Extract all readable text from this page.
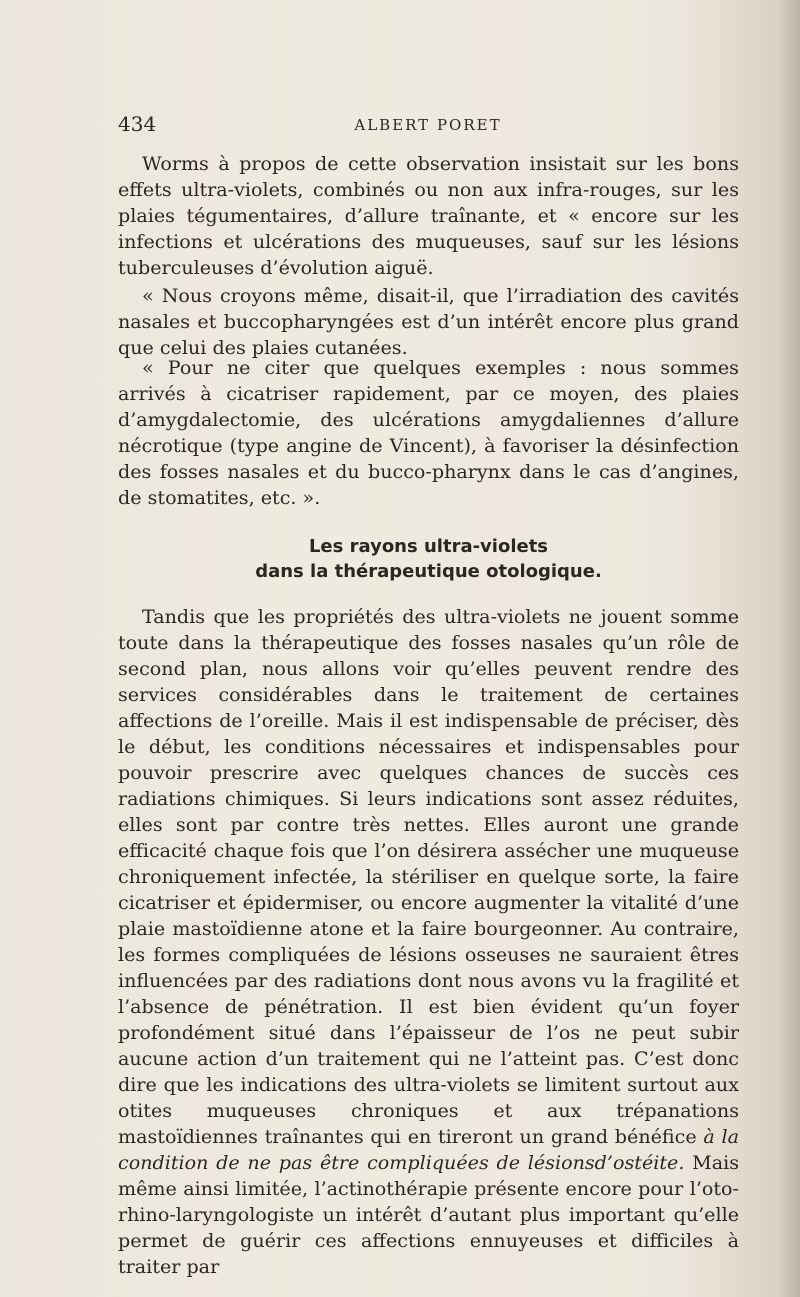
434	ALBERT PORET

Worms à propos de cette observation insistait sur les bons effets ultra-violets, combinés ou non aux infra-rouges, sur les plaies tégumentaires, d’allure traînante, et « encore sur les infections et ulcérations des muqueuses, sauf sur les lésions tuberculeuses d’évolution aiguë.

« Nous croyons même, disait-il, que l’irradiation des cavités nasales et buccopharyngées est d’un intérêt encore plus grand que celui des plaies cutanées.

« Pour ne citer que quelques exemples : nous sommes arrivés à cicatriser rapidement, par ce moyen, des plaies d’amygdalectomie, des ulcérations amygdaliennes d’allure nécrotique (type angine de Vincent), à favoriser la désinfection des fosses nasales et du bucco-pharynx dans le cas d’angines, de stomatites, etc. ».

Les rayons ultra-violets
dans la thérapeutique otologique.

Tandis que les propriétés des ultra-violets ne jouent somme toute dans la thérapeutique des fosses nasales qu’un rôle de second plan, nous allons voir qu’elles peuvent rendre des services considérables dans le traitement de certaines affections de l’oreille. Mais il est indispensable de préciser, dès le début, les conditions nécessaires et indispensables pour pouvoir prescrire avec quelques chances de succès ces radiations chimiques. Si leurs indications sont assez réduites, elles sont par contre très nettes. Elles auront une grande efficacité chaque fois que l’on désirera assécher une muqueuse chroniquement infectée, la stériliser en quelque sorte, la faire cicatriser et épidermiser, ou encore augmenter la vitalité d’une plaie mastoïdienne atone et la faire bourgeonner. Au contraire, les formes compliquées de lésions osseuses ne sauraient êtres influencées par des radiations dont nous avons vu la fragilité et l’absence de pénétration. Il est bien évident qu’un foyer profondément situé dans l’épaisseur de l’os ne peut subir aucune action d’un traitement qui ne l’atteint pas. C’est donc dire que les indications des ultra-violets se limitent surtout aux otites muqueuses chroniques et aux trépanations mastoïdiennes traînantes qui en tireront un grand bénéfice à la condition de ne pas être compliquées de lésionsd’ostéite. Mais même ainsi limitée, l’actinothérapie présente encore pour l’oto-rhino-laryngologiste un intérêt d’autant plus important qu’elle permet de guérir ces affections ennuyeuses et difficiles à traiter par
